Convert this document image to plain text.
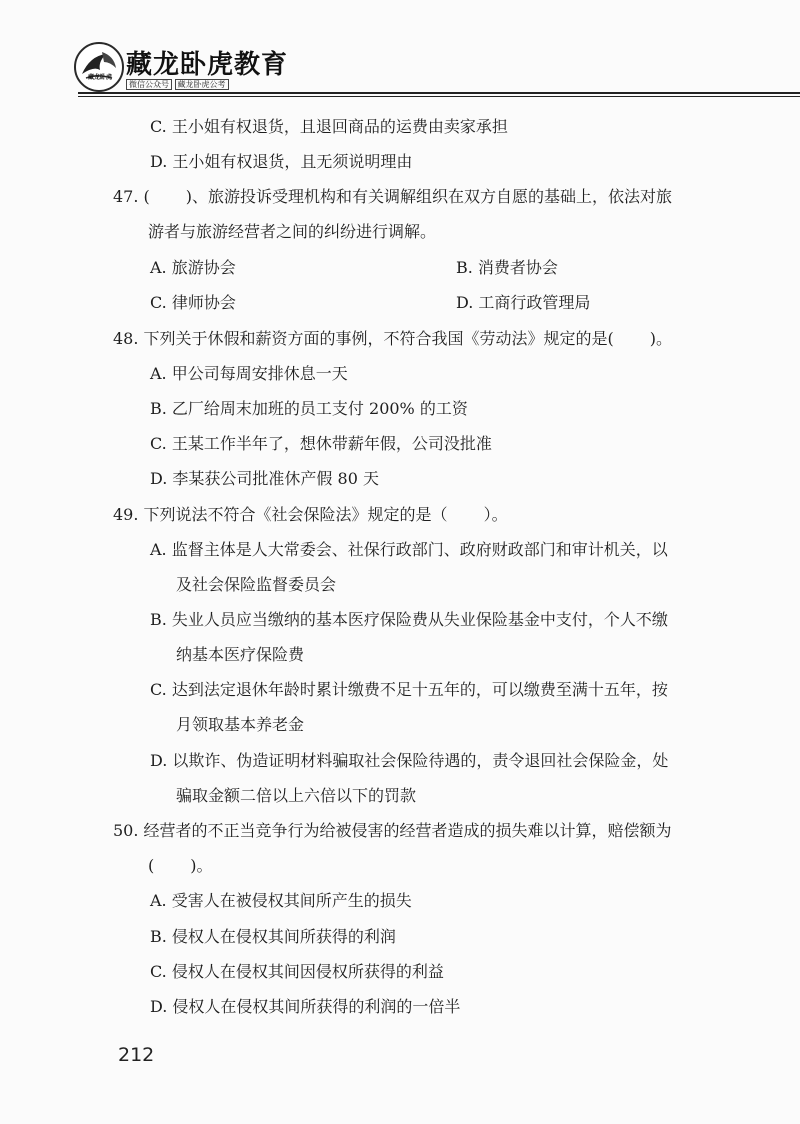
藏龙卧虎 藏龙卧虎教育
微信公众号 藏龙卧虎公考
C. 王小姐有权退货，且退回商品的运费由卖家承担
D. 王小姐有权退货，且无须说明理由
47. ( )、旅游投诉受理机构和有关调解组织在双方自愿的基础上，依法对旅
游者与旅游经营者之间的纠纷进行调解。
A. 旅游协会	B. 消费者协会
C. 律师协会	D. 工商行政管理局
48. 下列关于休假和薪资方面的事例，不符合我国《劳动法》规定的是( )。
A. 甲公司每周安排休息一天
B. 乙厂给周末加班的员工支付 200% 的工资
C. 王某工作半年了，想休带薪年假，公司没批准
D. 李某获公司批准休产假 80 天
49. 下列说法不符合《社会保险法》规定的是（ ）。
A. 监督主体是人大常委会、社保行政部门、政府财政部门和审计机关，以
及社会保险监督委员会
B. 失业人员应当缴纳的基本医疗保险费从失业保险基金中支付，个人不缴
纳基本医疗保险费
C. 达到法定退休年龄时累计缴费不足十五年的，可以缴费至满十五年，按
月领取基本养老金
D. 以欺诈、伪造证明材料骗取社会保险待遇的，责令退回社会保险金，处
骗取金额二倍以上六倍以下的罚款
50. 经营者的不正当竞争行为给被侵害的经营者造成的损失难以计算，赔偿额为
( )。
A. 受害人在被侵权其间所产生的损失
B. 侵权人在侵权其间所获得的利润
C. 侵权人在侵权其间因侵权所获得的利益
D. 侵权人在侵权其间所获得的利润的一倍半
212
